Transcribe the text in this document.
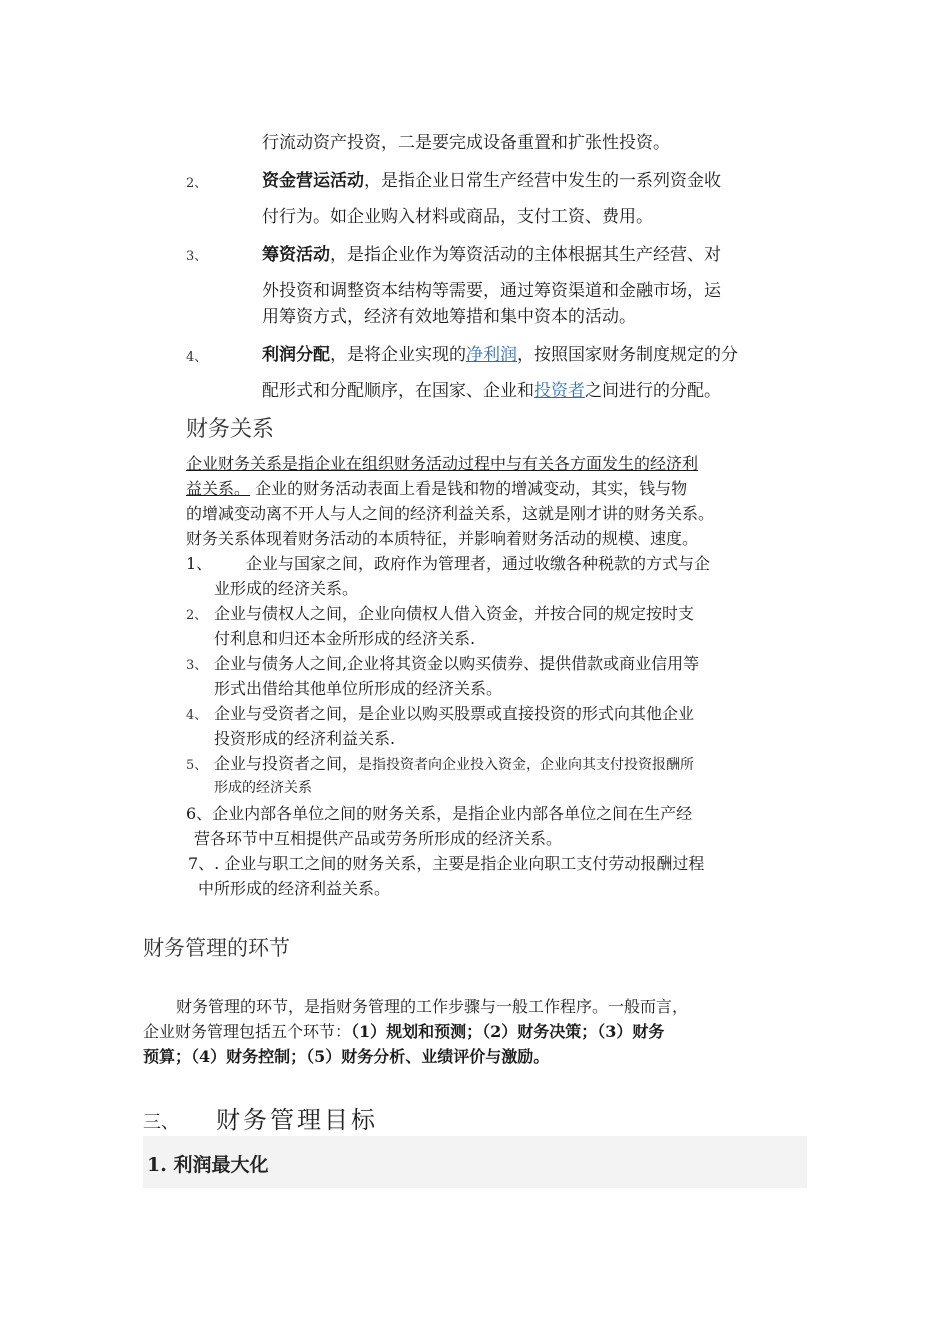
行流动资产投资，二是要完成设备重置和扩张性投资。
2、	资金营运活动，是指企业日常生产经营中发生的一系列资金收
付行为。如企业购入材料或商品，支付工资、费用。
3、	筹资活动，是指企业作为筹资活动的主体根据其生产经营、对
外投资和调整资本结构等需要，通过筹资渠道和金融市场，运
用筹资方式，经济有效地筹措和集中资本的活动。
4、	利润分配，是将企业实现的净利润，按照国家财务制度规定的分
配形式和分配顺序，在国家、企业和投资者之间进行的分配。
财务关系
企业财务关系是指企业在组织财务活动过程中与有关各方面发生的经济利
益关系。 企业的财务活动表面上看是钱和物的增减变动，其实，钱与物
的增减变动离不开人与人之间的经济利益关系，这就是刚才讲的财务关系。
财务关系体现着财务活动的本质特征，并影响着财务活动的规模、速度。
1、 企业与国家之间，政府作为管理者，通过收缴各种税款的方式与企
业形成的经济关系。
2、 企业与债权人之间，企业向债权人借入资金，并按合同的规定按时支
付利息和归还本金所形成的经济关系.
3、 企业与债务人之间,企业将其资金以购买债券、提供借款或商业信用等
形式出借给其他单位所形成的经济关系。
4、 企业与受资者之间，是企业以购买股票或直接投资的形式向其他企业
投资形成的经济利益关系.
5、 企业与投资者之间，是指投资者向企业投入资金，企业向其支付投资报酬所
形成的经济关系
6、企业内部各单位之间的财务关系，是指企业内部各单位之间在生产经
营各环节中互相提供产品或劳务所形成的经济关系。
7、. 企业与职工之间的财务关系，主要是指企业向职工支付劳动报酬过程
中所形成的经济利益关系。
财务管理的环节
财务管理的环节，是指财务管理的工作步骤与一般工作程序。一般而言，
企业财务管理包括五个环节：（1）规划和预测；（2）财务决策；（3）财务
预算；（4）财务控制；（5）财务分析、业绩评价与激励。
三、 财务管理目标
1. 利润最大化
